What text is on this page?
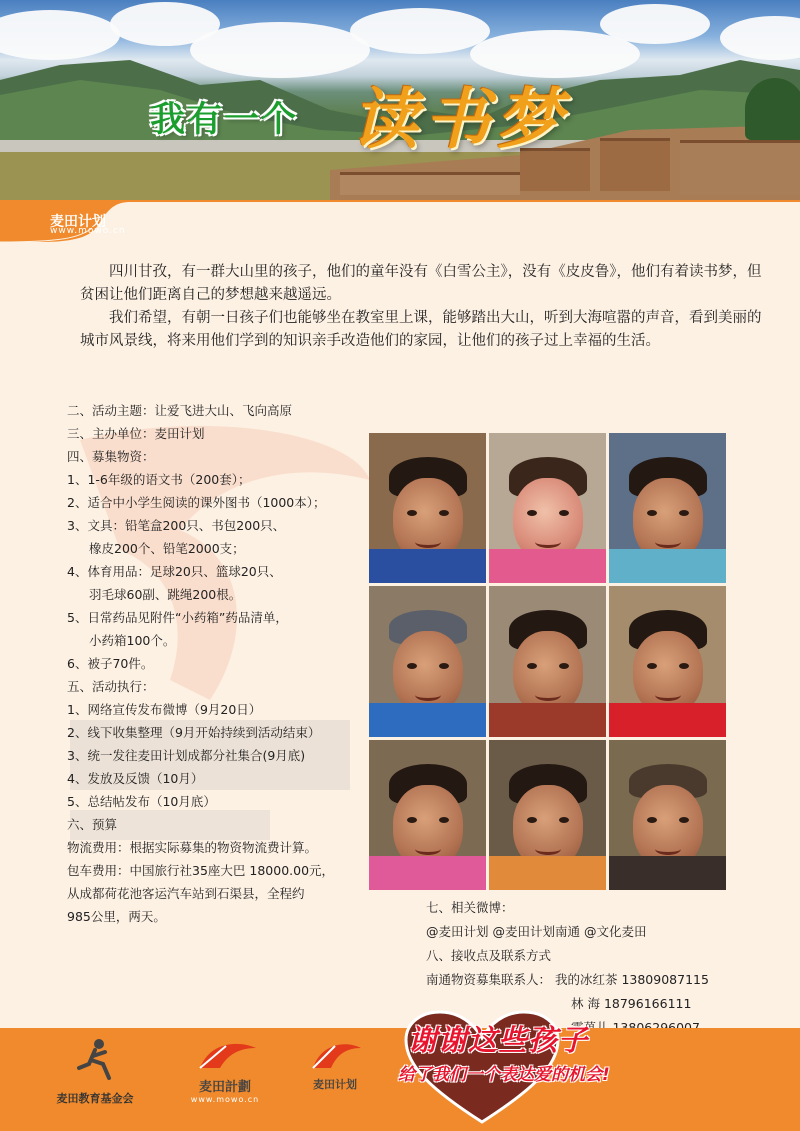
我有一个 读书梦
麦田计划
www.mowo.cn

四川甘孜，有一群大山里的孩子，他们的童年没有《白雪公主》，没有《皮皮鲁》，他们有着读书梦，但贫困让他们距离自己的梦想越来越遥远。

我们希望，有朝一日孩子们也能够坐在教室里上课，能够踏出大山，听到大海喧嚣的声音，看到美丽的城市风景线，将来用他们学到的知识亲手改造他们的家园，让他们的孩子过上幸福的生活。

二、活动主题：让爱飞进大山、飞向高原
三、主办单位：麦田计划
四、募集物资：
1、1-6年级的语文书（200套）；
2、适合中小学生阅读的课外图书（1000本）；
3、文具：铅笔盒200只、书包200只、
橡皮200个、铅笔2000支；
4、体育用品：足球20只、篮球20只、
羽毛球60副、跳绳200根。
5、日常药品见附件“小药箱”药品清单，
小药箱100个。
6、被子70件。
五、活动执行：
1、网络宣传发布微博（9月20日）
2、线下收集整理（9月开始持续到活动结束）
3、统一发往麦田计划成都分社集合(9月底)
4、发放及反馈（10月）
5、总结帖发布（10月底）
六、预算
物流费用：根据实际募集的物资物流费计算。
包车费用：中国旅行社35座大巴 18000.00元，
从成都荷花池客运汽车站到石渠县，全程约
985公里，两天。
七、相关微博：
@麦田计划 @麦田计划南通 @文化麦田
八、接收点及联系方式
南通物资募集联系人： 我的冰红茶 13809087115
林 海 18796166111
麦田教育基金会
麦田計劃
www.mowo.cn
麦田计划
谢谢这些孩子
给了我们一个表达爱的机会!
